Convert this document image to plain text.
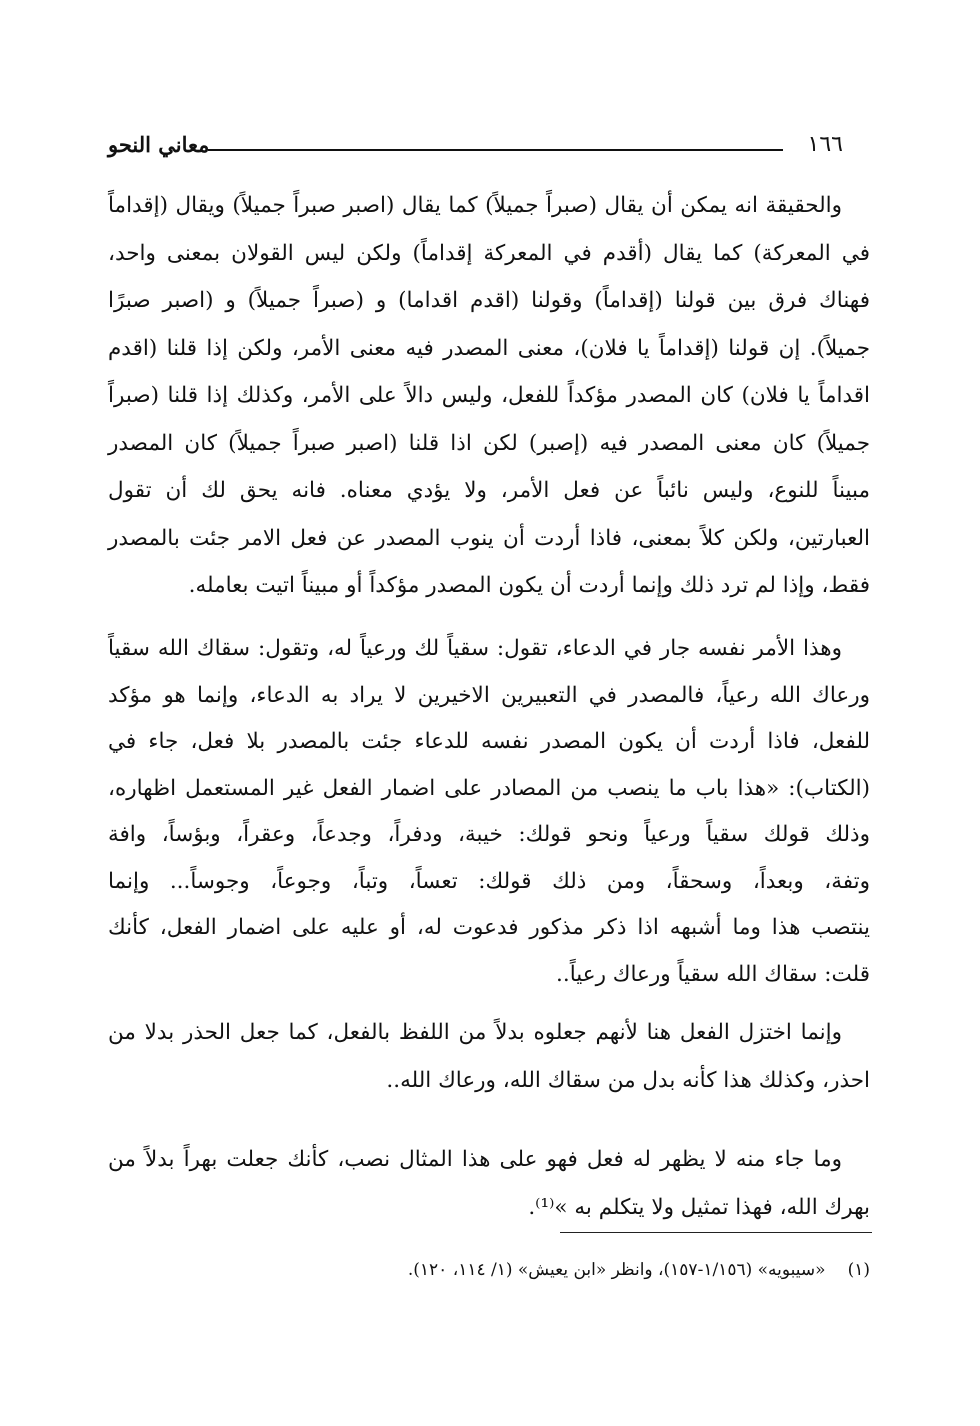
١٦٦
معاني النحو
والحقيقة انه يمكن أن يقال (صبراً جميلاً) كما يقال (اصبر صبراً جميلاً) ويقال (إقداماً
في المعركة) كما يقال (أقدم في المعركة إقداماً) ولكن ليس القولان بمعنى واحد،
فهناك فرق بين قولنا (إقداماً) وقولنا (اقدم اقداما) و (صبراً جميلاً) و (اصبر صبرًا
جميلاً). إن قولنا (إقداماً يا فلان)، معنى المصدر فيه معنى الأمر، ولكن إذا قلنا (اقدم
اقداماً يا فلان) كان المصدر مؤكداً للفعل، وليس دالاً على الأمر، وكذلك إذا قلنا (صبراً
جميلاً) كان معنى المصدر فيه (إصبر) لكن اذا قلنا (اصبر صبراً جميلاً) كان المصدر
مبيناً للنوع، وليس نائباً عن فعل الأمر، ولا يؤدي معناه. فانه يحق لك أن تقول
العبارتين، ولكن كلاً بمعنى، فاذا أردت أن ينوب المصدر عن فعل الامر جئت بالمصدر
فقط، وإذا لم ترد ذلك وإنما أردت أن يكون المصدر مؤكداً أو مبيناً اتيت بعامله.
وهذا الأمر نفسه جار في الدعاء، تقول: سقياً لك ورعياً له، وتقول: سقاك الله سقياً
ورعاك الله رعياً، فالمصدر في التعبيرين الاخيرين لا يراد به الدعاء، وإنما هو مؤكد
للفعل، فاذا أردت أن يكون المصدر نفسه للدعاء جئت بالمصدر بلا فعل، جاء في
(الكتاب): «هذا باب ما ينصب من المصادر على اضمار الفعل غير المستعمل اظهاره،
وذلك قولك سقياً ورعياً ونحو قولك: خيبة، ودفراً، وجدعاً، وعقراً، وبؤساً، وافة
وتفة، وبعداً، وسحقاً، ومن ذلك قولك: تعساً، وتباً، وجوعاً، وجوساً... وإنما
ينتصب هذا وما أشبهه اذا ذكر مذكور فدعوت له، أو عليه على اضمار الفعل، كأنك
قلت: سقاك الله سقياً ورعاك رعياً..
وإنما اختزل الفعل هنا لأنهم جعلوه بدلاً من اللفظ بالفعل، كما جعل الحذر بدلا من
احذر، وكذلك هذا كأنه بدل من سقاك الله، ورعاك الله..
وما جاء منه لا يظهر له فعل فهو على هذا المثال نصب، كأنك جعلت بهراً بدلاً من
بهرك الله، فهذا تمثيل ولا يتكلم به »⁽¹⁾.
(١)«سيبويه» (١/١٥٦-١٥٧)، وانظر «ابن يعيش» (١/ ١١٤، ١٢٠).
